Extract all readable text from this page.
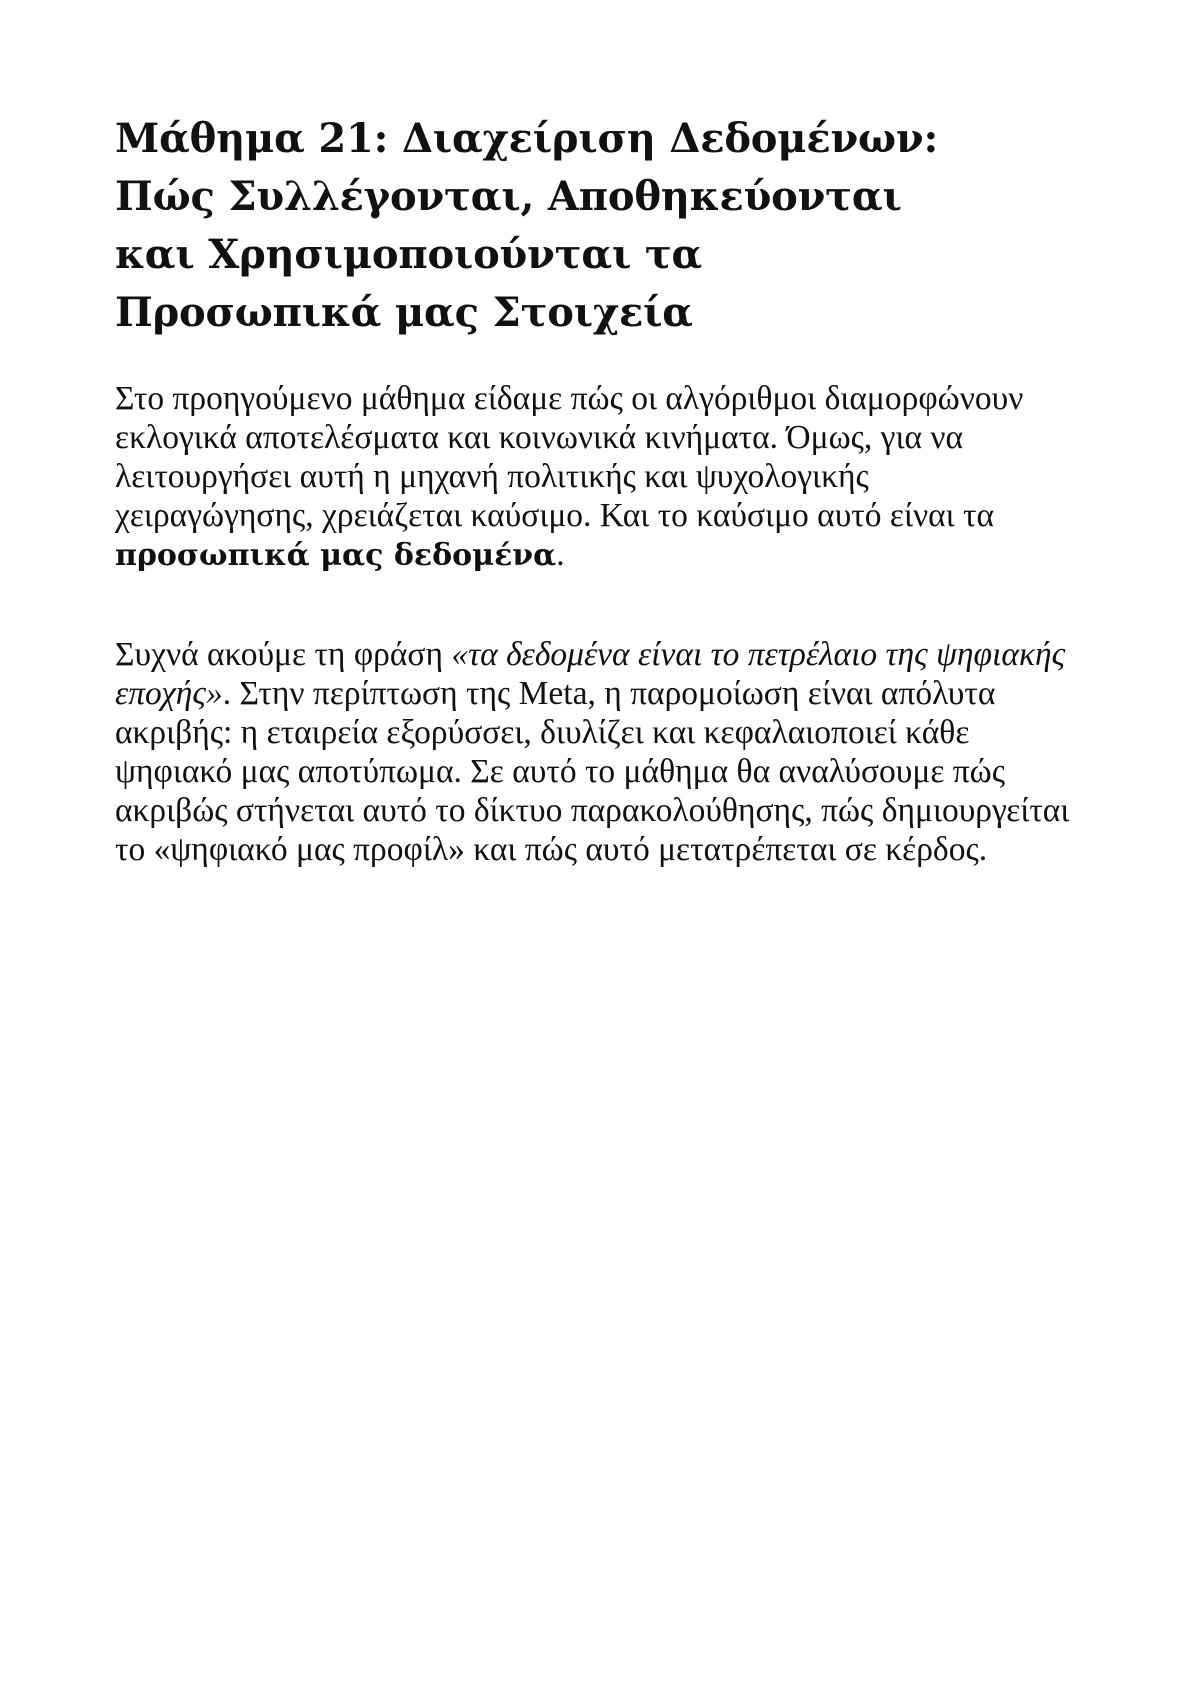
Μάθημα 21: Διαχείριση Δεδομένων:
Πώς Συλλέγονται, Αποθηκεύονται
και Χρησιμοποιούνται τα
Προσωπικά μας Στοιχεία

Στο προηγούμενο μάθημα είδαμε πώς οι αλγόριθμοι διαμορφώνουν εκλογικά αποτελέσματα και κοινωνικά κινήματα. Όμως, για να λειτουργήσει αυτή η μηχανή πολιτικής και ψυχολογικής χειραγώγησης, χρειάζεται καύσιμο. Και το καύσιμο αυτό είναι τα προσωπικά μας δεδομένα.

Συχνά ακούμε τη φράση «τα δεδομένα είναι το πετρέλαιο της ψηφιακής εποχής». Στην περίπτωση της Meta, η παρομοίωση είναι απόλυτα ακριβής: η εταιρεία εξορύσσει, διυλίζει και κεφαλαιοποιεί κάθε ψηφιακό μας αποτύπωμα. Σε αυτό το μάθημα θα αναλύσουμε πώς ακριβώς στήνεται αυτό το δίκτυο παρακολούθησης, πώς δημιουργείται το «ψηφιακό μας προφίλ» και πώς αυτό μετατρέπεται σε κέρδος.
